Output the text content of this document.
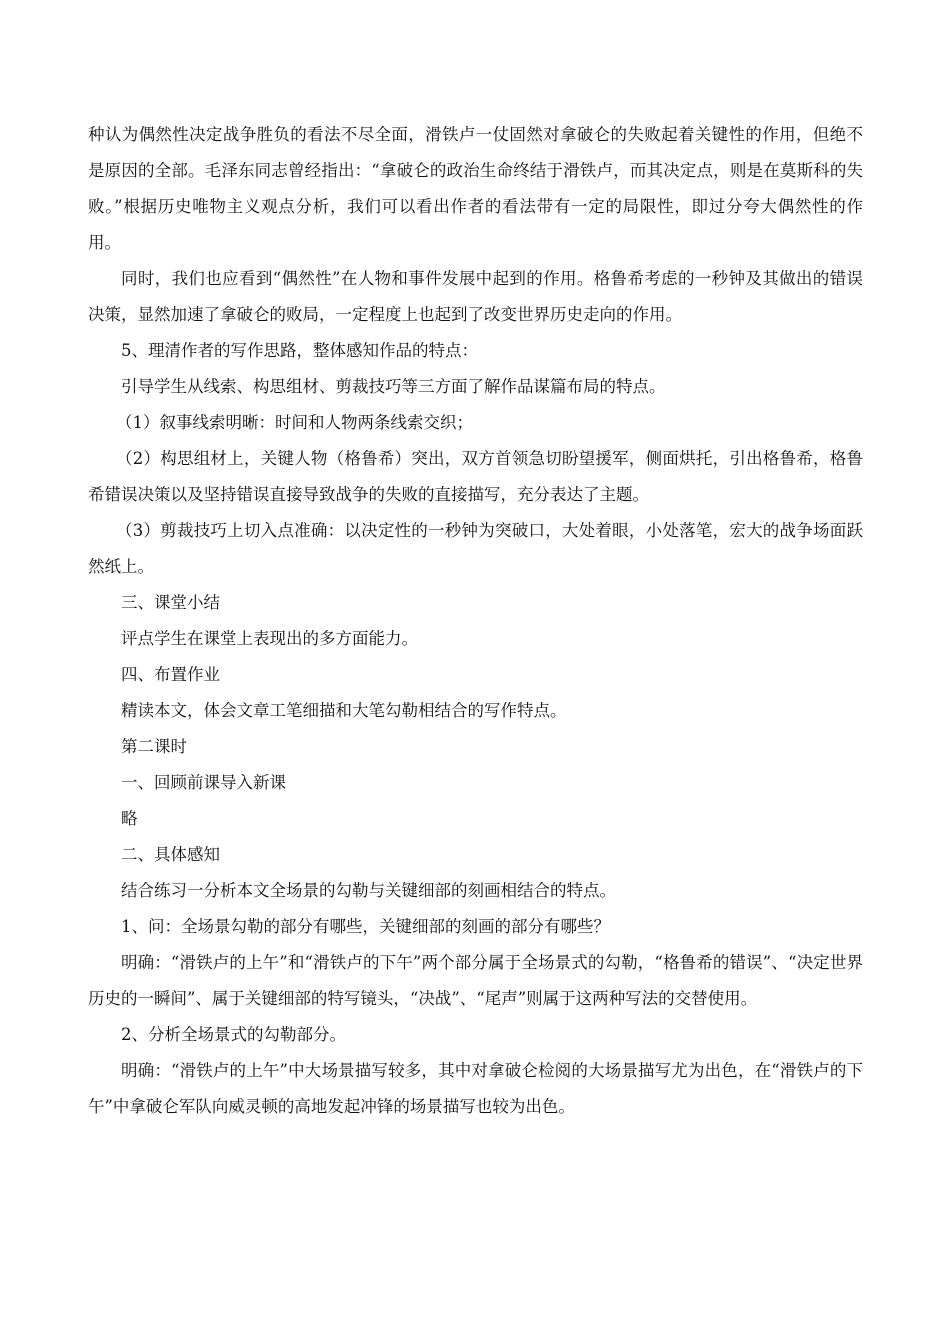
种认为偶然性决定战争胜负的看法不尽全面，滑铁卢一仗固然对拿破仑的失败起着关键性的作用，但绝不是原因的全部。毛泽东同志曾经指出：“拿破仑的政治生命终结于滑铁卢，而其决定点，则是在莫斯科的失败。”根据历史唯物主义观点分析，我们可以看出作者的看法带有一定的局限性，即过分夸大偶然性的作用。

同时，我们也应看到“偶然性”在人物和事件发展中起到的作用。格鲁希考虑的一秒钟及其做出的错误决策，显然加速了拿破仑的败局，一定程度上也起到了改变世界历史走向的作用。

5、理清作者的写作思路，整体感知作品的特点：

引导学生从线索、构思组材、剪裁技巧等三方面了解作品谋篇布局的特点。

（1）叙事线索明晰：时间和人物两条线索交织；

（2）构思组材上，关键人物（格鲁希）突出，双方首领急切盼望援军，侧面烘托，引出格鲁希，格鲁希错误决策以及坚持错误直接导致战争的失败的直接描写，充分表达了主题。

（3）剪裁技巧上切入点准确：以决定性的一秒钟为突破口，大处着眼，小处落笔，宏大的战争场面跃然纸上。

三、课堂小结

评点学生在课堂上表现出的多方面能力。

四、布置作业

精读本文，体会文章工笔细描和大笔勾勒相结合的写作特点。

第二课时

一、回顾前课导入新课

略

二、具体感知

结合练习一分析本文全场景的勾勒与关键细部的刻画相结合的特点。

1、问：全场景勾勒的部分有哪些，关键细部的刻画的部分有哪些？

明确：“滑铁卢的上午”和“滑铁卢的下午”两个部分属于全场景式的勾勒，“格鲁希的错误”、“决定世界历史的一瞬间”、属于关键细部的特写镜头，“决战”、“尾声”则属于这两种写法的交替使用。

2、分析全场景式的勾勒部分。

明确：“滑铁卢的上午”中大场景描写较多，其中对拿破仑检阅的大场景描写尤为出色，在“滑铁卢的下午”中拿破仑军队向威灵顿的高地发起冲锋的场景描写也较为出色。
